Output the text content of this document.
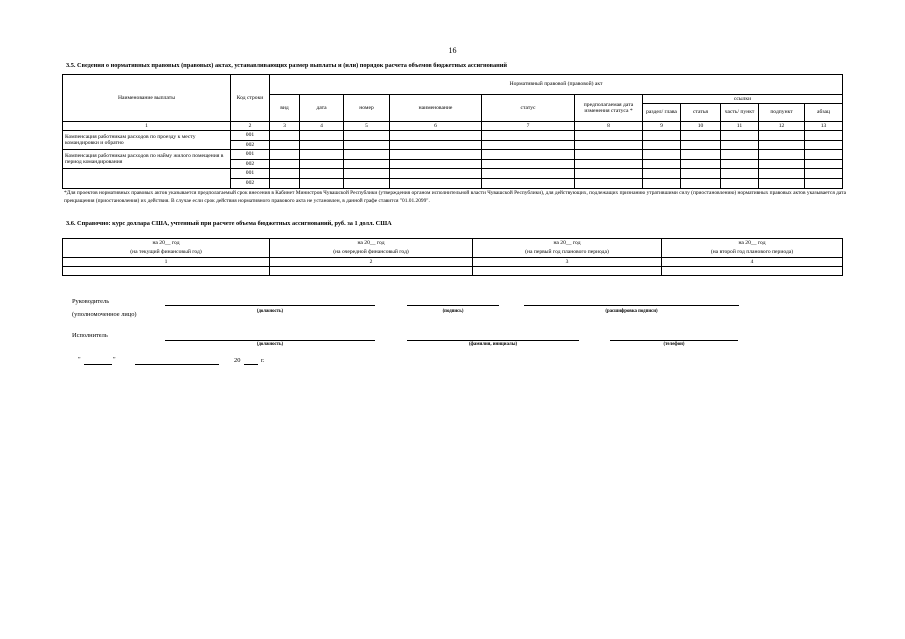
16
3.5. Сведения о нормативных правовых (правовых) актах, устанавливающих размер выплаты и (или) порядок расчета объемов бюджетных ассигнований
Наименование выплаты	Код строки	Нормативный правовой (правовой) акт										
		вид	дата	номер	наименование	статус	предполагаемая дата изменения статуса *	ссылки				
								раздел/ глава	статья	часть/ пункт	подпункт	абзац
1	2	3	4	5	6	7	8	9	10	11	12	13
Компенсация работникам расходов по проезду к месту командировки и обратно	001											
	002											
Компенсация работникам расходов по найму жилого помещения в период командирования	001											
	002											
	001											
	002											
*Для проектов нормативных правовых актов указывается предполагаемый срок внесения в Кабинет Министров Чувашской Республики (утверждения органом исполнительной власти Чувашской Республики), для действующих, подлежащих признанию утратившими силу (приостановлению) нормативных правовых актов указывается дата прекращения (приостановления) их действия. В случае если срок действия нормативного правового акта не установлен, в данной графе ставится "01.01.2099".
3.6. Справочно: курс доллара США, учтенный при расчете объема бюджетных ассигнований, руб. за 1 долл. США
на 20__ год	на 20__ год	на 20__ год	на 20__ год
(на текущий финансовый год)	(на очередной финансовый год)	(на первый год планового периода)	(на второй год планового периода)
1	2	3	4

Руководитель
(уполномоченное лицо)	(должность)	(подпись)	(расшифровка подписи)
Исполнитель
(должность)	(фамилия, инициалы)	(телефон)
"	"	20	г.
